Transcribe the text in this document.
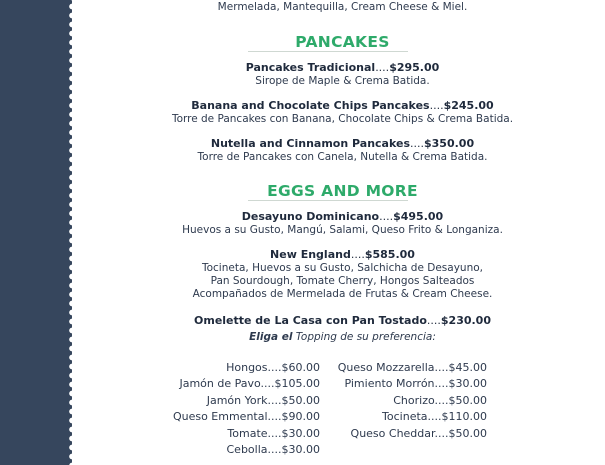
Mermelada, Mantequilla, Cream Cheese & Miel.
PANCAKES
Pancakes Tradicional....$295.00
Sirope de Maple & Crema Batida.
Banana and Chocolate Chips Pancakes....$245.00
Torre de Pancakes con Banana, Chocolate Chips & Crema Batida.
Nutella and Cinnamon Pancakes....$350.00
Torre de Pancakes con Canela, Nutella & Crema Batida.
EGGS AND MORE
Desayuno Dominicano....$495.00
Huevos a su Gusto, Mangú, Salami, Queso Frito & Longaniza.
New England....$585.00
Tocineta, Huevos a su Gusto, Salchicha de Desayuno,
Pan Sourdough, Tomate Cherry, Hongos Salteados
Acompañados de Mermelada de Frutas & Cream Cheese.
Omelette de La Casa con Pan Tostado....$230.00
Eliga el Topping de su preferencia:
Hongos....$60.00
Jamón de Pavo....$105.00
Jamón York....$50.00
Queso Emmental....$90.00
Tomate....$30.00
Cebolla....$30.00
Queso Mozzarella....$45.00
Pimiento Morrón....$30.00
Chorizo....$50.00
Tocineta....$110.00
Queso Cheddar....$50.00
